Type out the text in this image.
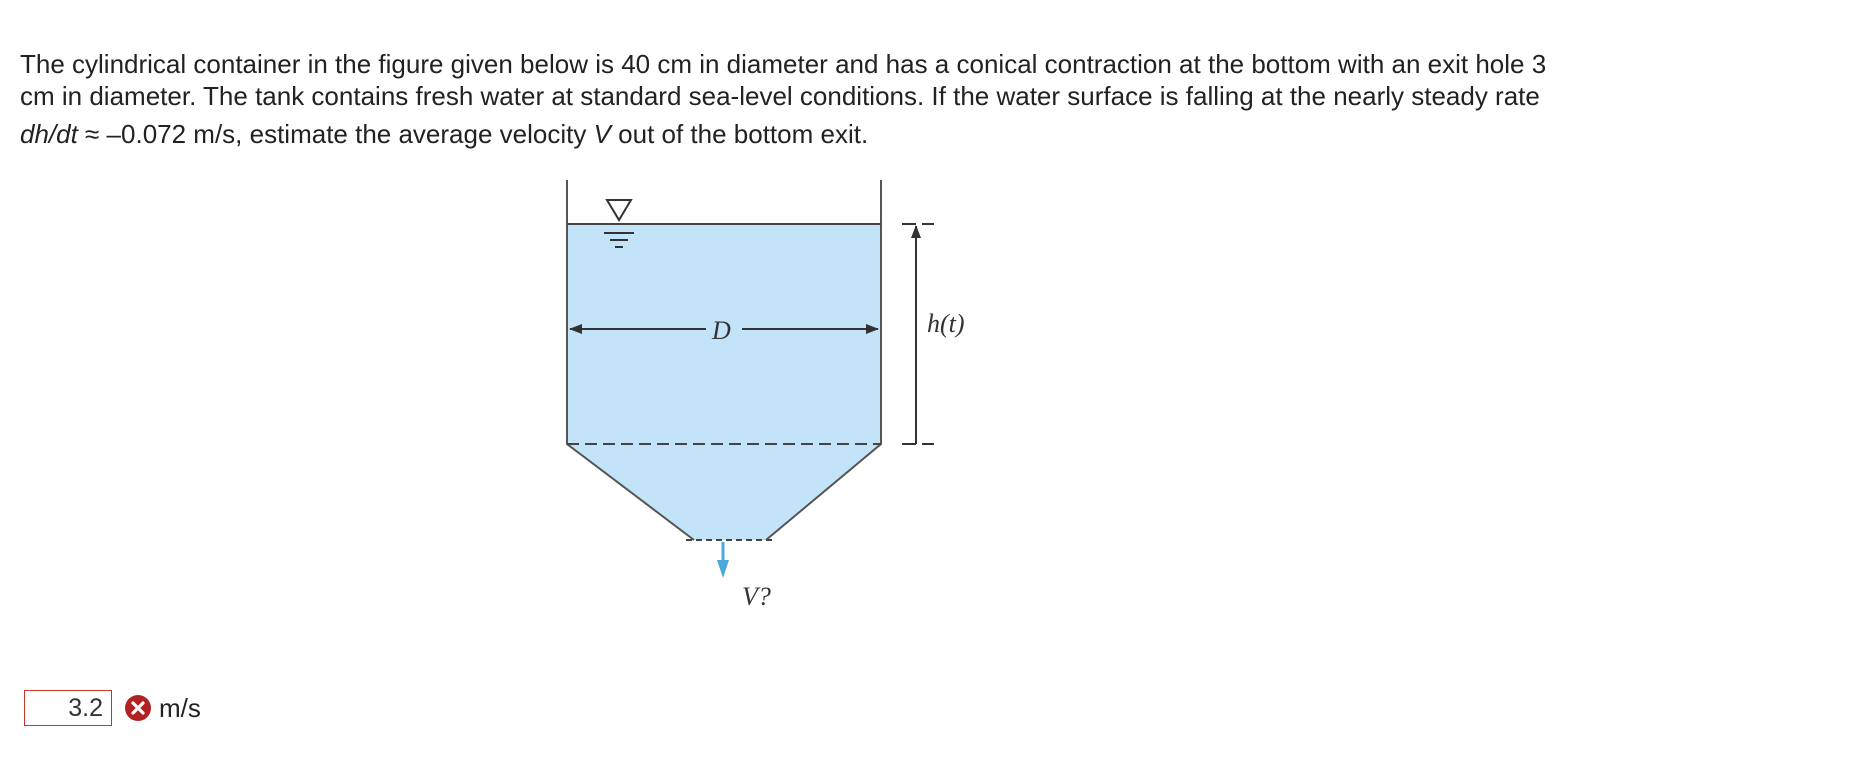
The cylindrical container in the figure given below is 40 cm in diameter and has a conical contraction at the bottom with an exit hole 3

cm in diameter. The tank contains fresh water at standard sea-level conditions. If the water surface is falling at the nearly steady rate

dh/dt ≈ –0.072 m/s, estimate the average velocity V out of the bottom exit.

D	h(t)
V?
3.2
m/s
